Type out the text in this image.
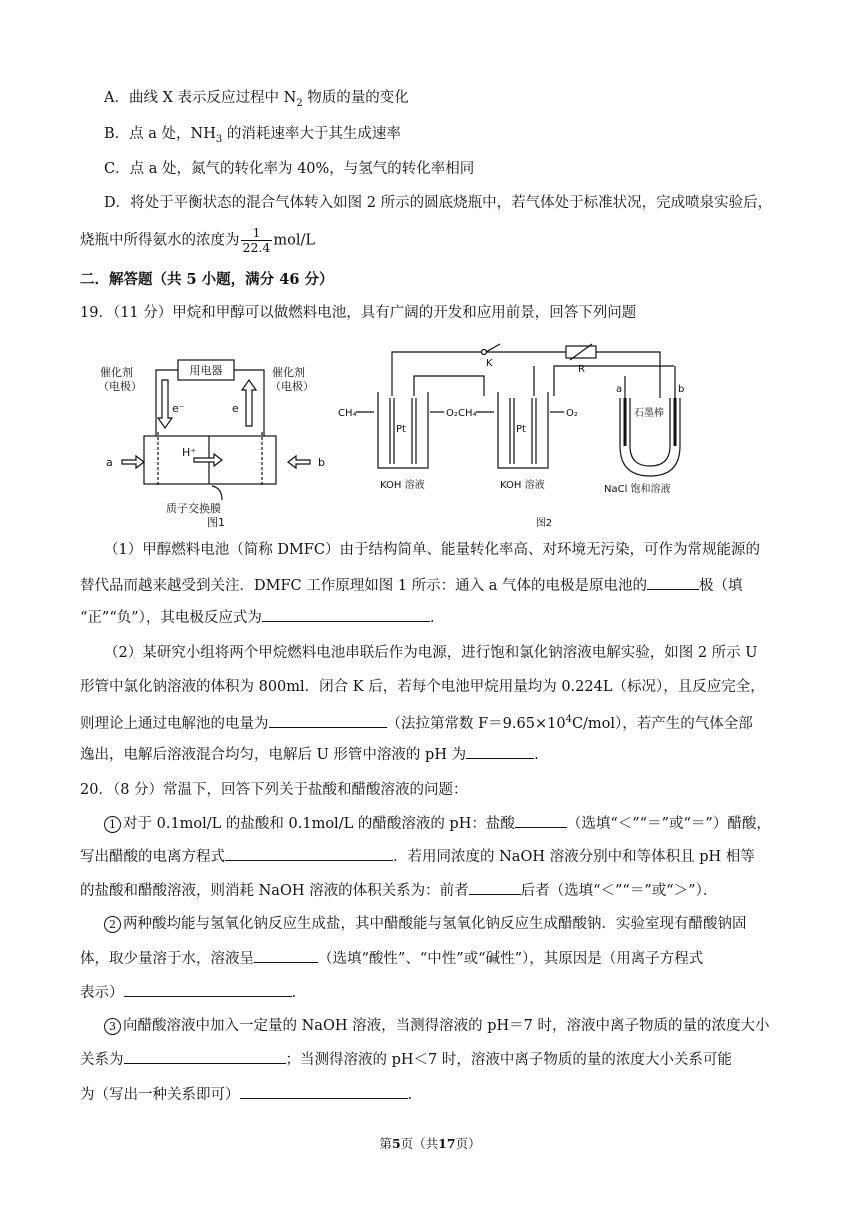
A．曲线 X 表示反应过程中 $N_2$ 物质的量的变化
B．点 a 处，$NH_3$ 的消耗速率大于其生成速率
C．点 a 处，氮气的转化率为 40%，与氢气的转化率相同
D．将处于平衡状态的混合气体转入如图 2 所示的圆底烧瓶中，若气体处于标准状况，完成喷泉实验后，
烧瓶中所得氨水的浓度为 $\frac{1}{22.4} mol/L$
二．解答题（共 5 小题，满分 46 分）
19．（11 分）甲烷和甲醇可以做燃料电池，具有广阔的开发和应用前景，回答下列问题
用电器
催化剂
（电极）
催化剂
（电极）
e⁻	e
H⁺
a	b
质子交换膜
图1
K
R
CH₄
Pt
O₂ CH₄
Pt
O₂
KOH 溶液	KOH 溶液
a	b
石墨棒
NaCl 饱和溶液
图2
（1）甲醇燃料电池（简称 DMFC）由于结构简单、能量转化率高、对环境无污染，可作为常规能源的
替代品而越来越受到关注．DMFC 工作原理如图 1 所示：通入 a 气体的电极是原电池的	极（填
“正”“负”），其电极反应式为	.
（2）某研究小组将两个甲烷燃料电池串联后作为电源，进行饱和氯化钠溶液电解实验，如图 2 所示 U
形管中氯化钠溶液的体积为 800ml．闭合 K 后，若每个电池甲烷用量均为 0.224L（标况），且反应完全，
则理论上通过电解池的电量为	（法拉第常数 $F=9.65\times 10^4C/mol$），若产生的气体全部
逸出，电解后溶液混合均匀，电解后 U 形管中溶液的 pH 为	.
20．（8 分）常温下，回答下列关于盐酸和醋酸溶液的问题：
1 对于 0.1mol/L 的盐酸和 0.1mol/L 的醋酸溶液的 pH：盐酸	（选填“＜”“＝”或“＝”）醋酸，
写出醋酸的电离方程式	．若用同浓度的 NaOH 溶液分别中和等体积且 pH 相等
的盐酸和醋酸溶液，则消耗 NaOH 溶液的体积关系为：前者	后者（选填“＜”“＝”或“＞”）．
2 两种酸均能与氢氧化钠反应生成盐，其中醋酸能与氢氧化钠反应生成醋酸钠．实验室现有醋酸钠固
体，取少量溶于水，溶液呈	（选填“酸性”、“中性”或“碱性”），其原因是（用离子方程式
表示）	.
3 向醋酸溶液中加入一定量的 NaOH 溶液，当测得溶液的 pH＝7 时，溶液中离子物质的量的浓度大小
关系为	；当测得溶液的 pH＜7 时，溶液中离子物质的量的浓度大小关系可能
为（写出一种关系即可）	.
第5页（共17页）
